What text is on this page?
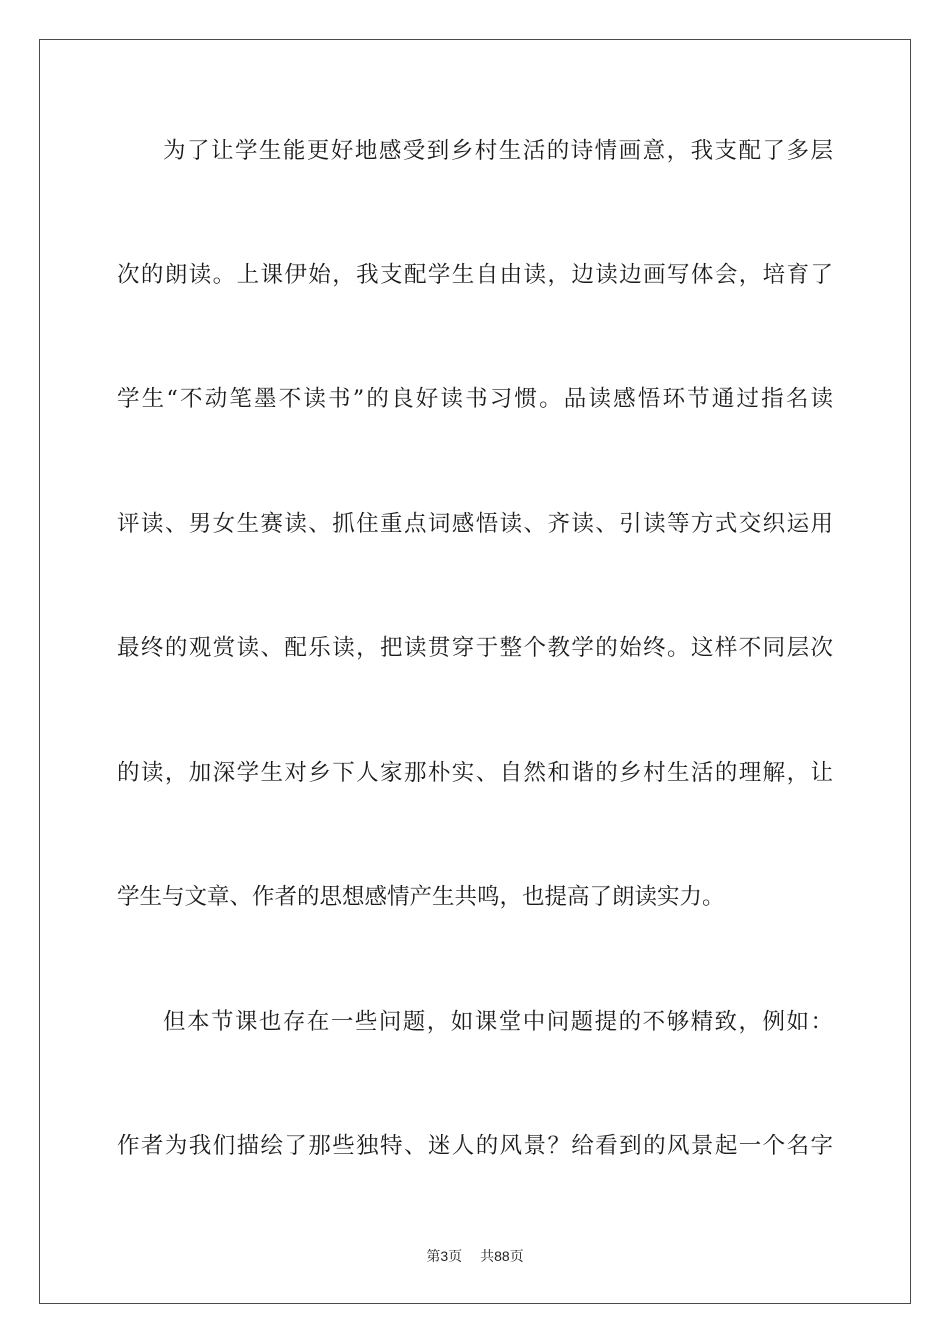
为了让学生能更好地感受到乡村生活的诗情画意，我支配了多层
次的朗读。上课伊始，我支配学生自由读，边读边画写体会，培育了
学生“不动笔墨不读书”的良好读书习惯。品读感悟环节通过指名读
评读、男女生赛读、抓住重点词感悟读、齐读、引读等方式交织运用
最终的观赏读、配乐读，把读贯穿于整个教学的始终。这样不同层次
的读，加深学生对乡下人家那朴实、自然和谐的乡村生活的理解，让
学生与文章、作者的思想感情产生共鸣，也提高了朗读实力。
但本节课也存在一些问题，如课堂中问题提的不够精致，例如：
作者为我们描绘了那些独特、迷人的风景？给看到的风景起一个名字
第3页 共88页
